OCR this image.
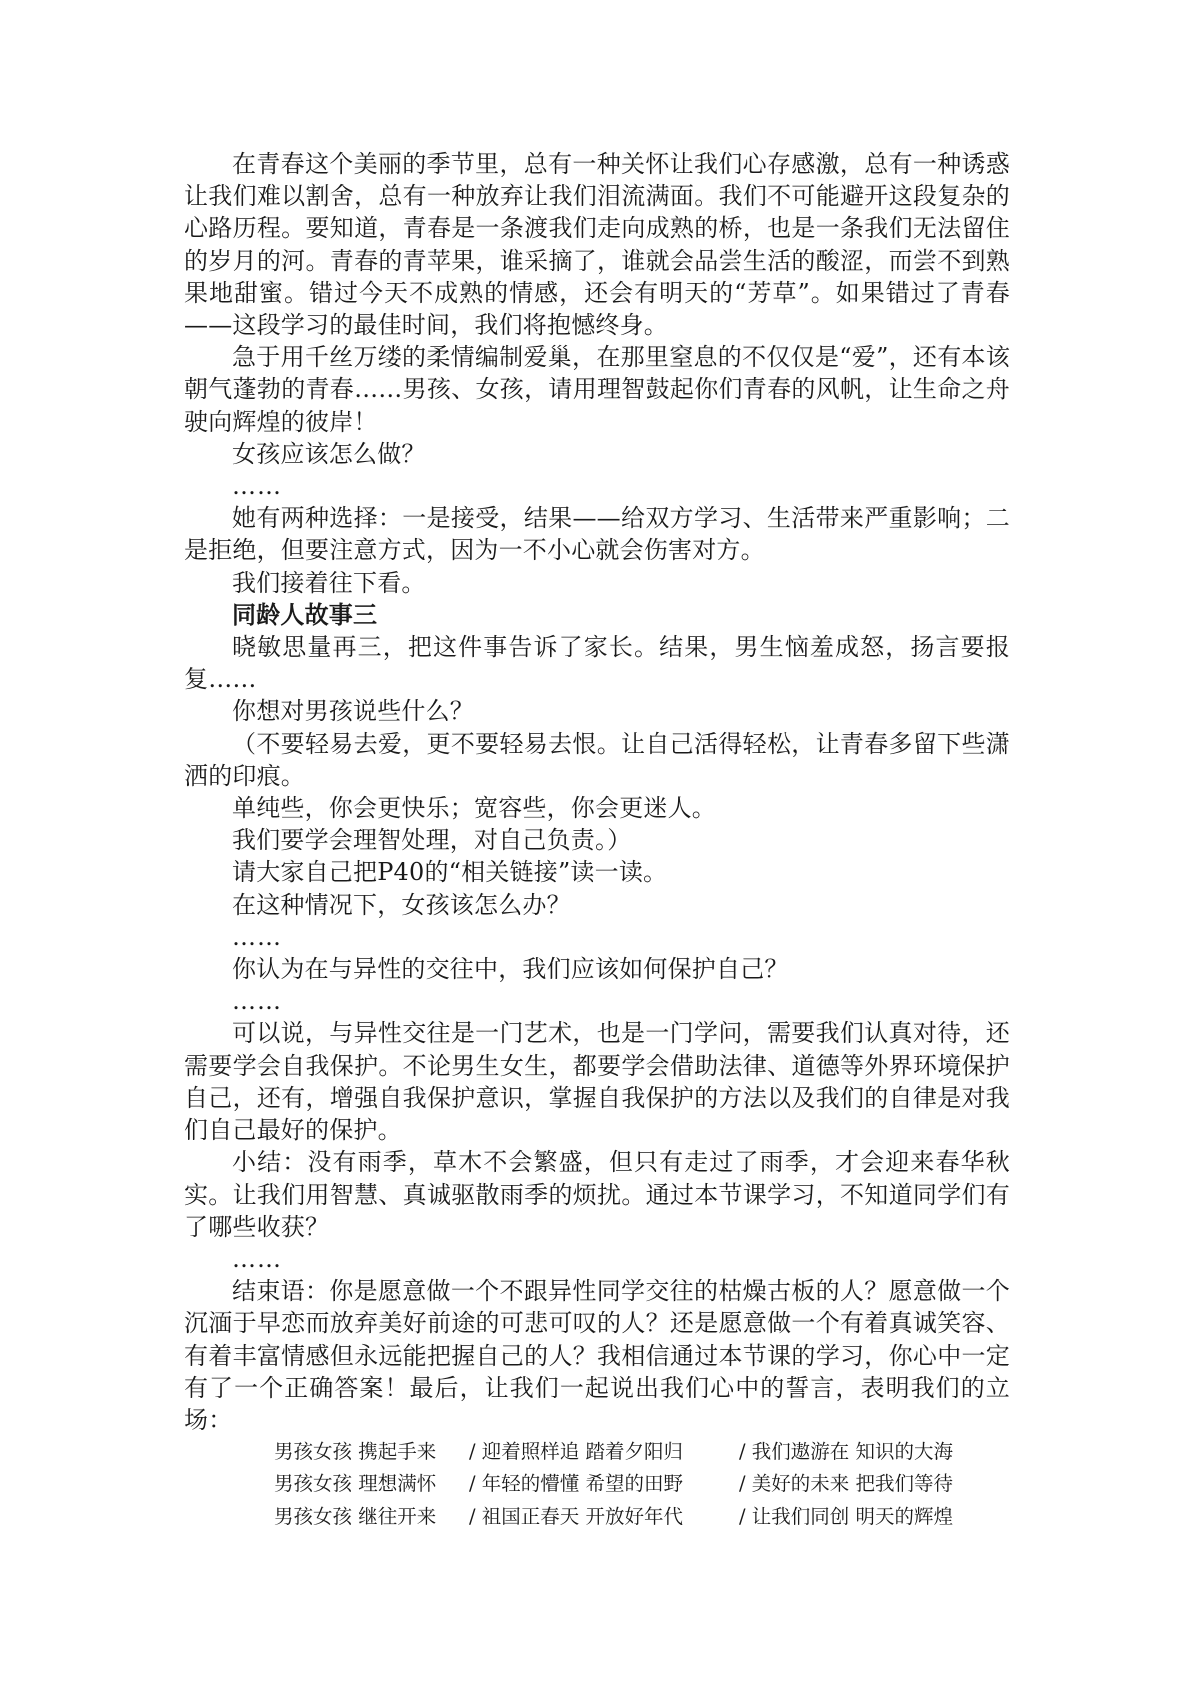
在青春这个美丽的季节里，总有一种关怀让我们心存感激，总有一种诱惑让我们难以割舍，总有一种放弃让我们泪流满面。我们不可能避开这段复杂的心路历程。要知道，青春是一条渡我们走向成熟的桥，也是一条我们无法留住的岁月的河。青春的青苹果，谁采摘了，谁就会品尝生活的酸涩，而尝不到熟果地甜蜜。错过今天不成熟的情感，还会有明天的“芳草”。如果错过了青春——这段学习的最佳时间，我们将抱憾终身。

急于用千丝万缕的柔情编制爱巢，在那里窒息的不仅仅是“爱”，还有本该朝气蓬勃的青春……男孩、女孩，请用理智鼓起你们青春的风帆，让生命之舟驶向辉煌的彼岸！

女孩应该怎么做？

……

她有两种选择：一是接受，结果——给双方学习、生活带来严重影响；二是拒绝，但要注意方式，因为一不小心就会伤害对方。

我们接着往下看。

同龄人故事三

晓敏思量再三，把这件事告诉了家长。结果，男生恼羞成怒，扬言要报复……

你想对男孩说些什么？

（不要轻易去爱，更不要轻易去恨。让自己活得轻松，让青春多留下些潇洒的印痕。

单纯些，你会更快乐；宽容些，你会更迷人。

我们要学会理智处理，对自己负责。）

请大家自己把P40的“相关链接”读一读。

在这种情况下，女孩该怎么办？

……

你认为在与异性的交往中，我们应该如何保护自己？

……

可以说，与异性交往是一门艺术，也是一门学问，需要我们认真对待，还需要学会自我保护。不论男生女生，都要学会借助法律、道德等外界环境保护自己，还有，增强自我保护意识，掌握自我保护的方法以及我们的自律是对我们自己最好的保护。

小结：没有雨季，草木不会繁盛，但只有走过了雨季，才会迎来春华秋实。让我们用智慧、真诚驱散雨季的烦扰。通过本节课学习，不知道同学们有了哪些收获？

……

结束语：你是愿意做一个不跟异性同学交往的枯燥古板的人？愿意做一个沉湎于早恋而放弃美好前途的可悲可叹的人？还是愿意做一个有着真诚笑容、有着丰富情感但永远能把握自己的人？我相信通过本节课的学习，你心中一定有了一个正确答案！最后，让我们一起说出我们心中的誓言，表明我们的立场：

男孩女孩 携起手来 / 迎着照样追 踏着夕阳归	/ 我们遨游在 知识的大海

男孩女孩 理想满怀 / 年轻的懵懂 希望的田野	/ 美好的未来 把我们等待

男孩女孩 继往开来 / 祖国正春天 开放好年代	/ 让我们同创 明天的辉煌
